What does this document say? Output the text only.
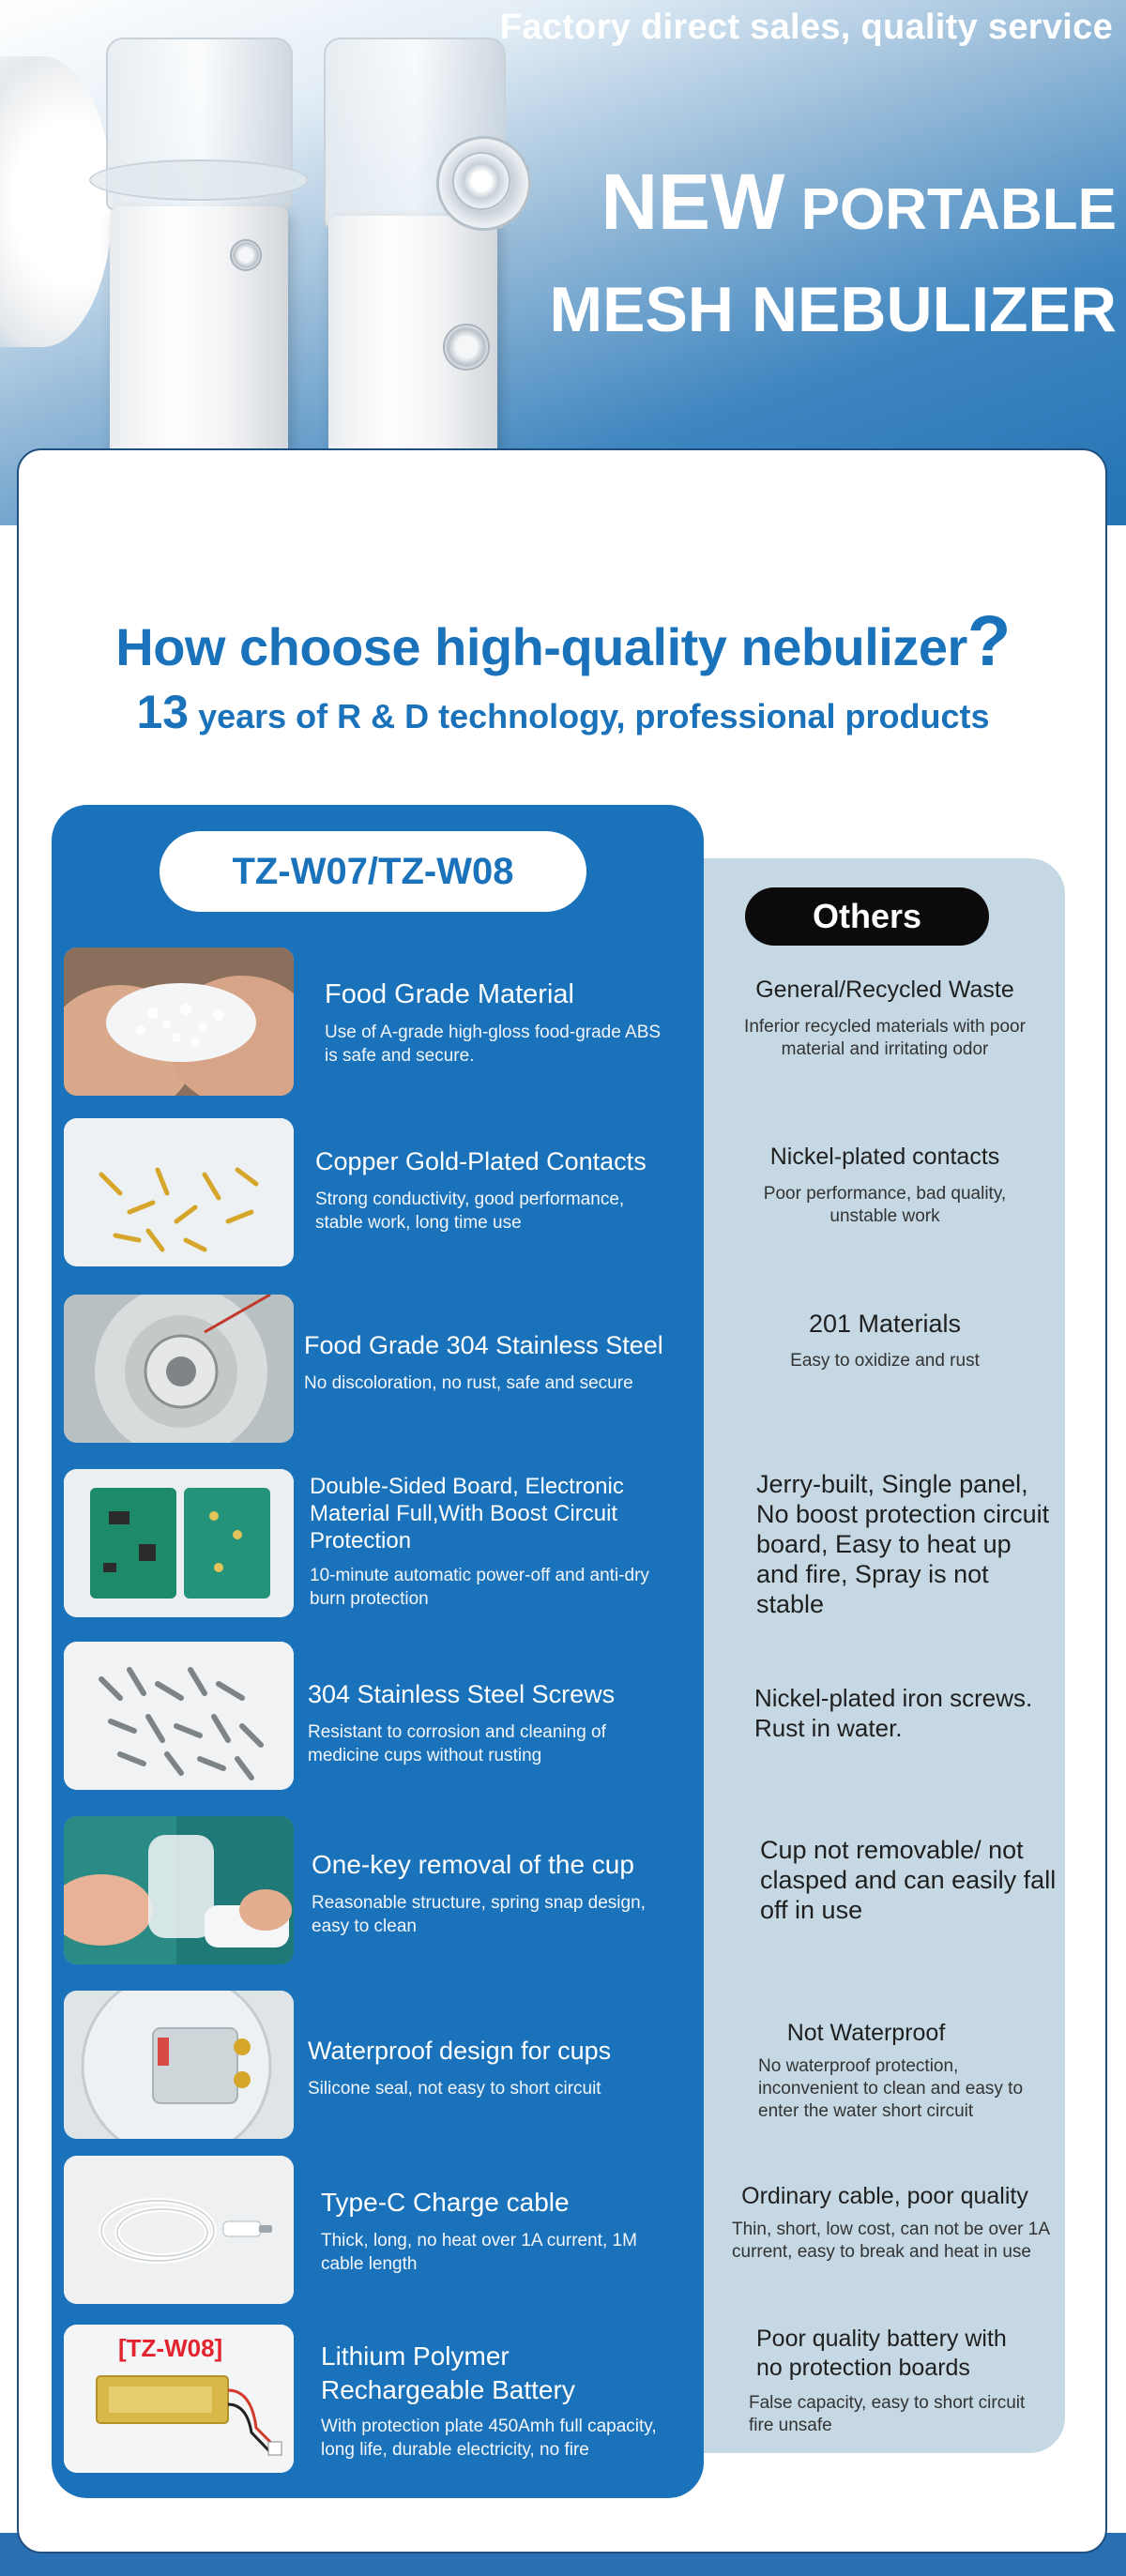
Factory direct sales, quality service
NEW PORTABLE
MESH NEBULIZER
How choose high-quality nebulizer?
13 years of R & D technology, professional products
TZ-W07/TZ-W08
Others
Food Grade Material
Use of A-grade high-gloss food-grade ABS is safe and secure.
General/Recycled Waste
Inferior recycled materials with poor material and irritating odor
Copper Gold-Plated Contacts
Strong conductivity, good performance, stable work, long time use
Nickel-plated contacts
Poor performance, bad quality, unstable work
Food Grade 304 Stainless Steel
No discoloration, no rust, safe and secure
201 Materials
Easy to oxidize and rust
Double-Sided Board, Electronic Material Full,With Boost Circuit Protection
10-minute automatic power-off and anti-dry burn protection
Jerry-built, Single panel, No boost protection circuit board, Easy to heat up and fire, Spray is not stable
304 Stainless Steel Screws
Resistant to corrosion and cleaning of medicine cups without rusting
Nickel-plated iron screws. Rust in water.
One-key removal of the cup
Reasonable structure, spring snap design, easy to clean
Cup not removable/ not clasped and can easily fall off in use
Waterproof design for cups
Silicone seal, not easy to short circuit
Not Waterproof
No waterproof protection, inconvenient to clean and easy to enter the water short circuit
Type-C Charge cable
Thick, long, no heat over 1A current, 1M cable length
Ordinary cable, poor quality
Thin, short, low cost, can not be over 1A current, easy to break and heat in use
[TZ-W08]	Lithium Polymer Rechargeable Battery
With protection plate 450Amh full capacity, long life, durable electricity, no fire
Poor quality battery with no protection boards
False capacity, easy to short circuit fire unsafe
